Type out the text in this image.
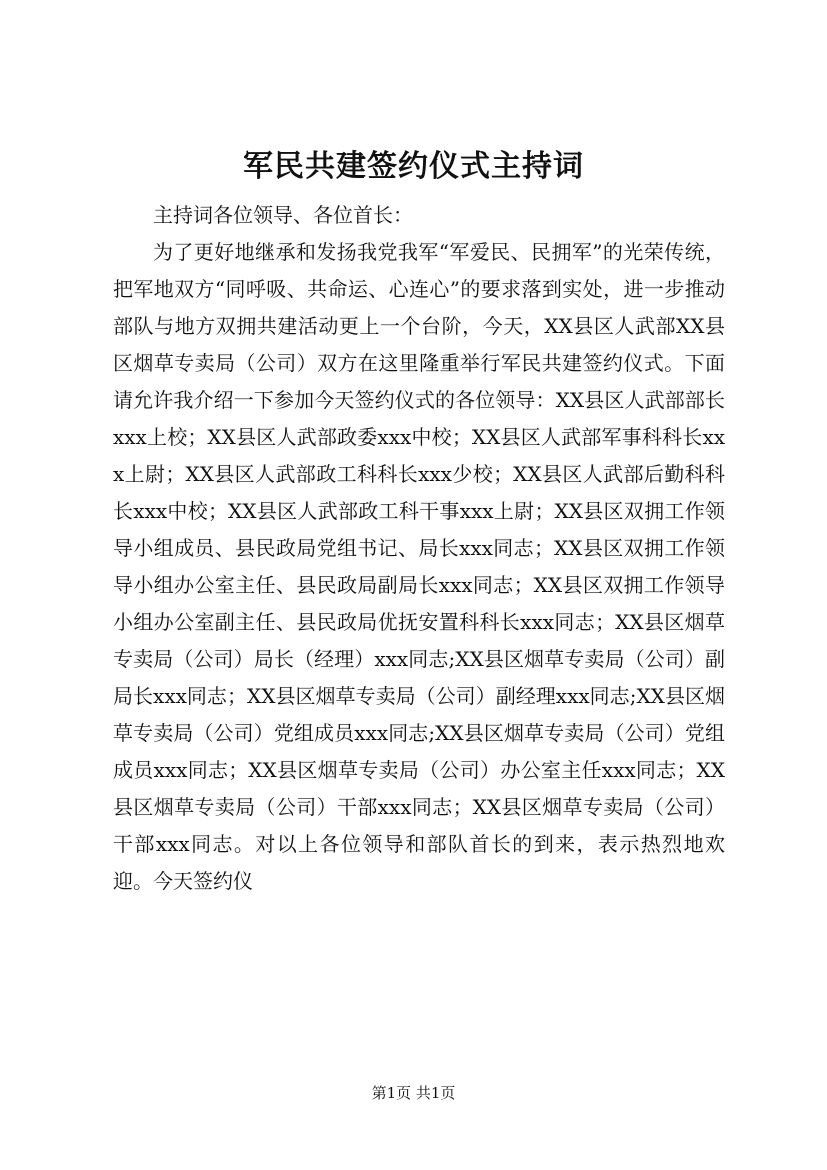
军民共建签约仪式主持词

主持词各位领导、各位首长：

为了更好地继承和发扬我党我军“军爱民、民拥军”的光荣传统，把军地双方“同呼吸、共命运、心连心”的要求落到实处，进一步推动部队与地方双拥共建活动更上一个台阶，今天，XX县区人武部XX县区烟草专卖局（公司）双方在这里隆重举行军民共建签约仪式。下面请允许我介绍一下参加今天签约仪式的各位领导：XX县区人武部部长xxx上校；XX县区人武部政委xxx中校；XX县区人武部军事科科长xxx上尉；XX县区人武部政工科科长xxx少校；XX县区人武部后勤科科长xxx中校；XX县区人武部政工科干事xxx上尉；XX县区双拥工作领导小组成员、县民政局党组书记、局长xxx同志；XX县区双拥工作领导小组办公室主任、县民政局副局长xxx同志；XX县区双拥工作领导小组办公室副主任、县民政局优抚安置科科长xxx同志；XX县区烟草专卖局（公司）局长（经理）xxx同志;XX县区烟草专卖局（公司）副局长xxx同志；XX县区烟草专卖局（公司）副经理xxx同志;XX县区烟草专卖局（公司）党组成员xxx同志;XX县区烟草专卖局（公司）党组成员xxx同志；XX县区烟草专卖局（公司）办公室主任xxx同志；XX县区烟草专卖局（公司）干部xxx同志；XX县区烟草专卖局（公司）干部xxx同志。对以上各位领导和部队首长的到来，表示热烈地欢迎。今天签约仪

第1页 共1页
